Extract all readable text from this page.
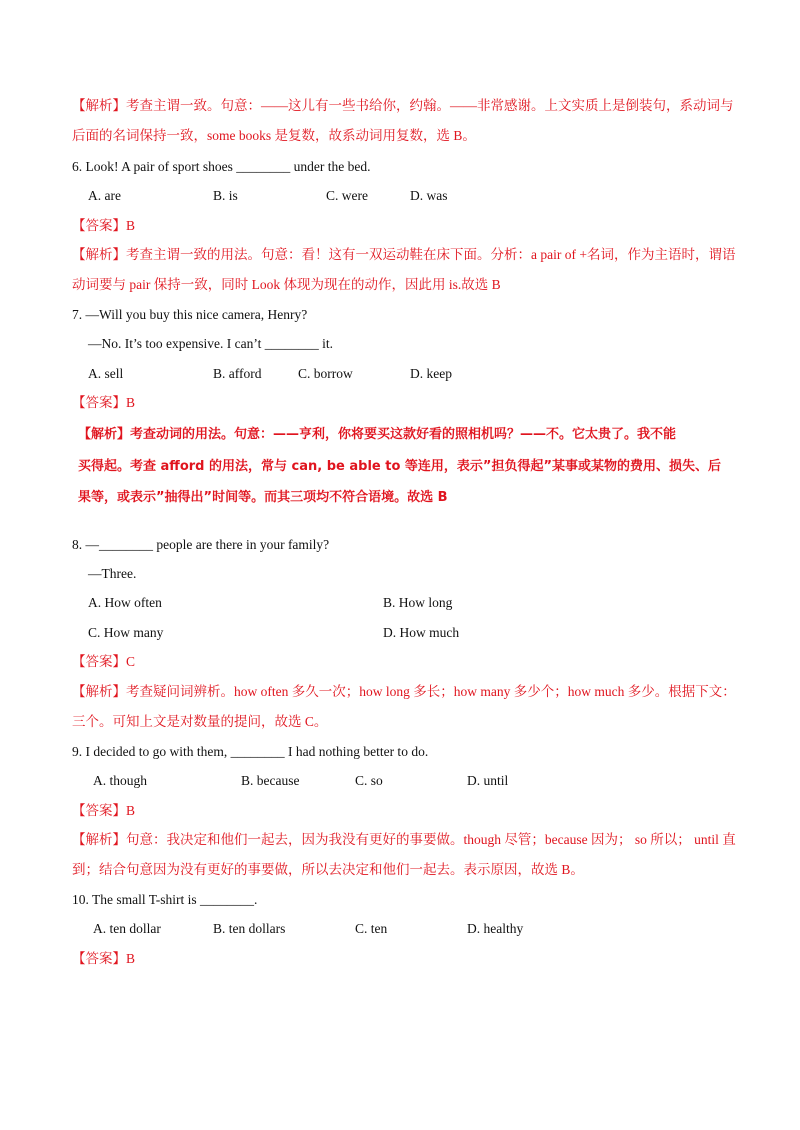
【解析】考查主谓一致。句意：——这儿有一些书给你，约翰。——非常感谢。上文实质上是倒装句，系动词与
后面的名词保持一致，some books 是复数，故系动词用复数，选 B。
6. Look! A pair of sport shoes ________ under the bed.
A. are	B. is	C. were	D. was
【答案】B
【解析】考查主谓一致的用法。句意：看！这有一双运动鞋在床下面。分析：a pair of +名词，作为主语时，谓语
动词要与 pair 保持一致，同时 Look 体现为现在的动作，因此用 is.故选 B
7. —Will you buy this nice camera, Henry?
—No. It’s too expensive. I can’t ________ it.
A. sell	B. afford	C. borrow	D. keep
【答案】B
【解析】考查动词的用法。句意：——亨利，你将要买这款好看的照相机吗？——不。它太贵了。我不能
买得起。考查 afford 的用法，常与 can, be able to 等连用，表示”担负得起”某事或某物的费用、损失、后
果等，或表示”抽得出”时间等。而其三项均不符合语境。故选 B
8. —________ people are there in your family?
—Three.
A. How often	B. How long
C. How many	D. How much
【答案】C
【解析】考查疑问词辨析。how often 多久一次；how long 多长；how many 多少个；how much 多少。根据下文：
三个。可知上文是对数量的提问，故选 C。
9. I decided to go with them, ________ I had nothing better to do.
A. though	B. because	C. so	D. until
【答案】B
【解析】句意：我决定和他们一起去，因为我没有更好的事要做。though 尽管；because 因为； so 所以； until 直
到；结合句意因为没有更好的事要做，所以去决定和他们一起去。表示原因，故选 B。
10. The small T-shirt is ________.
A. ten dollar	B. ten dollars	C. ten	D. healthy
【答案】B
